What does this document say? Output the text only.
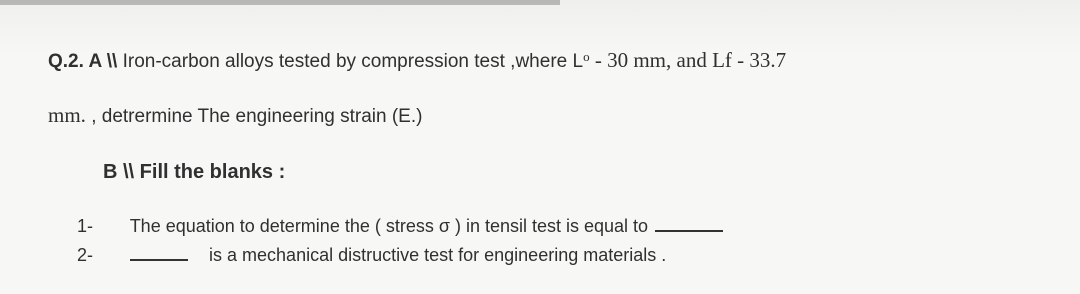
Q.2. A \\ Iron-carbon alloys tested by compression test ,where $L^o - 30$ mm, and Lf - 33.7
mm. , detrermine The engineering strain (E.)
B \\ Fill the blanks :
1- The equation to determine the ( stress σ ) in tensil test is equal to
2-	is a mechanical distructive test for engineering materials .
